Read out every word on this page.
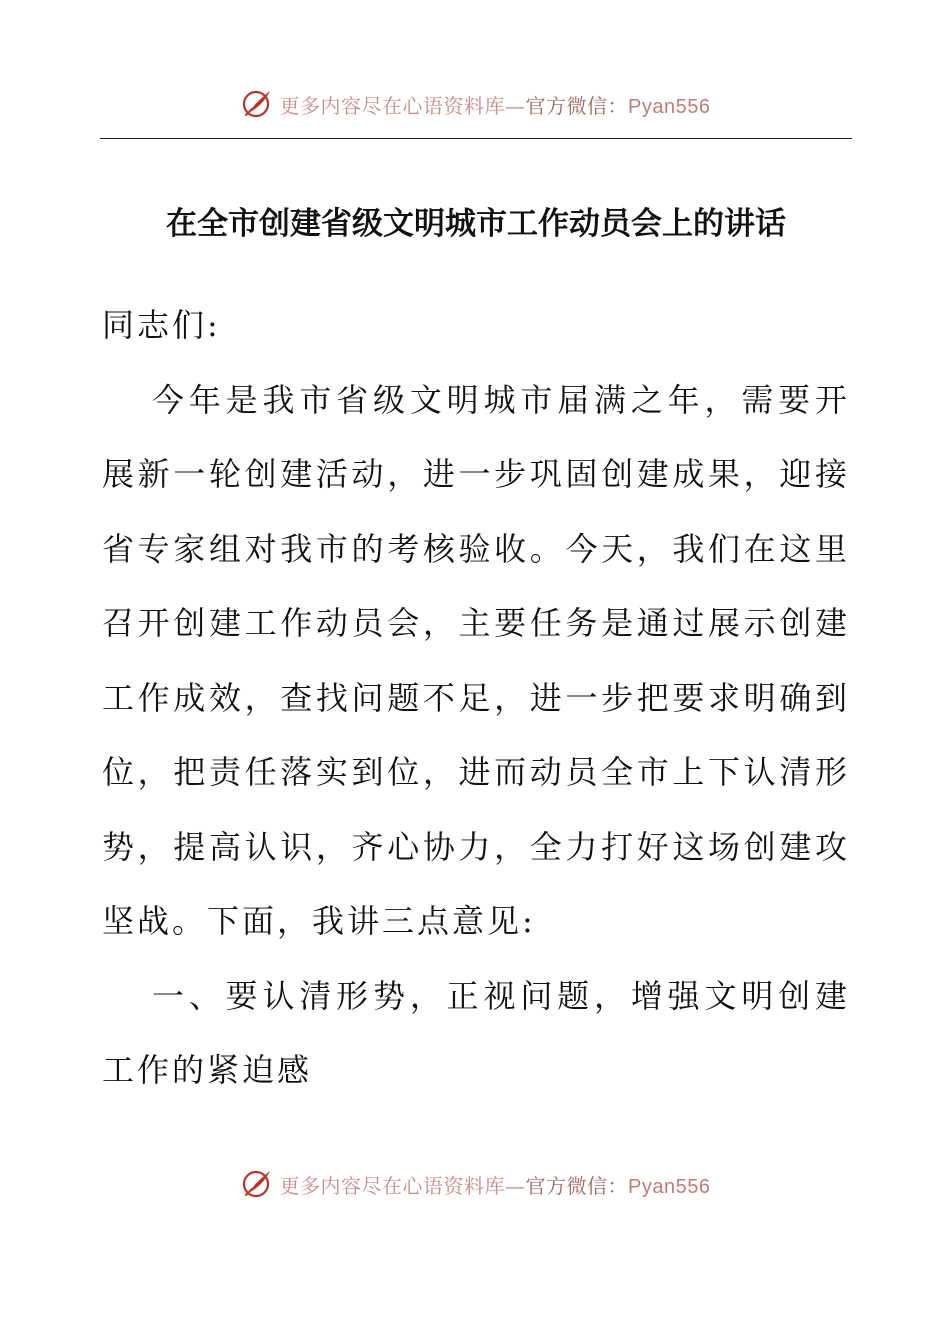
更多内容尽在心语资料库—官方微信：Pyan556
在全市创建省级文明城市工作动员会上的讲话

同志们:

今年是我市省级文明城市届满之年，需要开
展新一轮创建活动，进一步巩固创建成果，迎接
省专家组对我市的考核验收。今天，我们在这里
召开创建工作动员会，主要任务是通过展示创建
工作成效，查找问题不足，进一步把要求明确到
位，把责任落实到位，进而动员全市上下认清形
势，提高认识，齐心协力，全力打好这场创建攻
坚战。下面，我讲三点意见:

一、要认清形势，正视问题，增强文明创建
工作的紧迫感

更多内容尽在心语资料库—官方微信：Pyan556
